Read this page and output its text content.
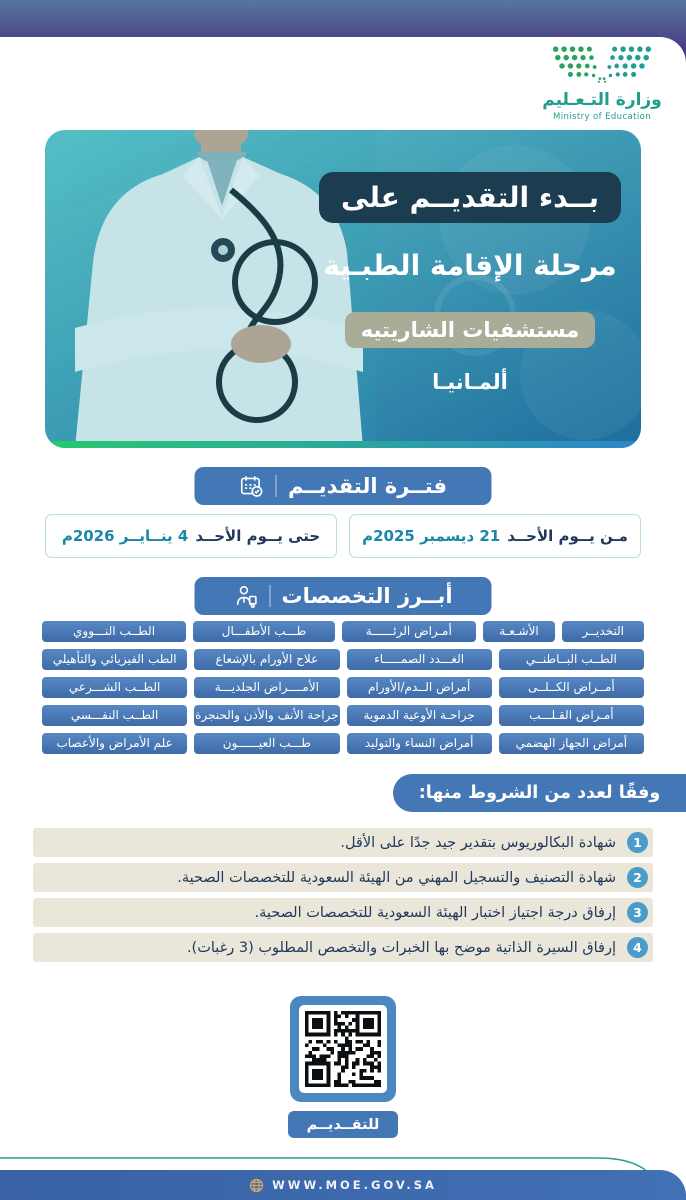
وزارة التـعـليم
Ministry of Education
بــدء التقديــم على
مرحلة الإقامة الطبـية
مستشفيات الشاريتيه
ألمـانيـا
فتــرة التقديــم
مـن يــوم الأحــد
21 ديسمبر 2025م
حتى يــوم الأحــد
4 ينــايــر 2026م
أبــرز التخصصات
التخديــر
الأشـعـة
أمـراض الرئــــــة
طـــب الأطفـــال
الطــب النـــووي
الطــب البــاطنــي
الغـــدد الصمـــــاء
علاج الأورام بالإشعاع
الطب الفيزيائي والتأهيلي
أمــراض الكــلــى
أمراض الــدم/الأورام
الأمــــراض الجلديـــة
الطــب الشـــرعي
أمـراض القـلـــب
جراحـة الأوعية الدموية
جراحة الأنف والأذن والحنجرة
الطــب النفـــسي
أمراض الجهاز الهضمي
أمراض النساء والتوليد
طـــب العيــــــون
علم الأمراض والأعصاب
وفقًا لعدد من الشروط منها:
1
شهادة البكالوريوس بتقدير جيد جدًا على الأقل.
2
شهادة التصنيف والتسجيل المهني من الهيئة السعودية للتخصصات الصحية.
3
إرفاق درجة اجتياز اختبار الهيئة السعودية للتخصصات الصحية.
4
إرفاق السيرة الذاتية موضح بها الخبرات والتخصص المطلوب (3 رغبات).
للتقــديــم
WWW.MOE.GOV.SA
